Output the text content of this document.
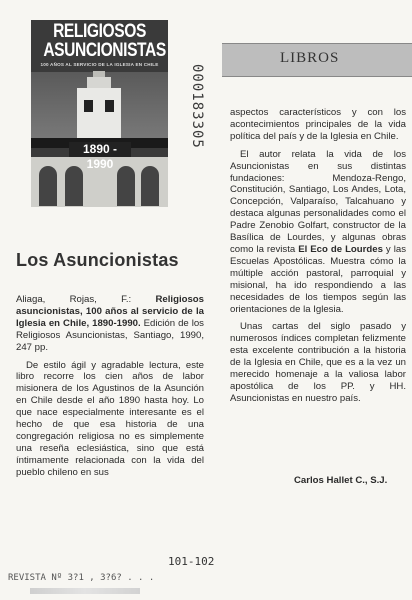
RELIGIOSOS
ASUNCIONISTAS
100 AÑOS AL SERVICIO DE LA IGLESIA EN CHILE
1890 - 1990
000183305
LIBROS
Los Asuncionistas

Aliaga, Rojas, F.: Religiosos asuncionistas, 100 años al servicio de la Iglesia en Chile, 1890-1990. Edición de los Religiosos Asuncionistas, Santiago, 1990, 247 pp.

De estilo ágil y agradable lectura, este libro recorre los cien años de labor misionera de los Agustinos de la Asunción en Chile desde el año 1890 hasta hoy. Lo que nace especialmente interesante es el hecho de que esa historia de una congregación religiosa no es simplemente una reseña eclesiástica, sino que está íntimamente relacionada con la vida del pueblo chileno en sus

aspectos característicos y con los acontecimientos principales de la vida política del país y de la Iglesia en Chile.

El autor relata la vida de los Asuncionistas en sus distintas fundaciones: Mendoza-Rengo, Constitución, Santiago, Los Andes, Lota, Concepción, Valparaíso, Talcahuano y destaca algunas personalidades como el Padre Zenobio Golfart, constructor de la Basílica de Lourdes, y algunas obras como la revista El Eco de Lourdes y las Escuelas Apostólicas. Muestra cómo la múltiple acción pastoral, parroquial y misional, ha ido respondiendo a las necesidades de los tiempos según las orientaciones de la Iglesia.

Unas cartas del siglo pasado y numerosos índices completan felizmente esta excelente contribución a la historia de la Iglesia en Chile, que es a la vez un merecido homenaje a la valiosa labor apostólica de los PP. y HH. Asuncionistas en nuestro país.

Carlos Hallet C., S.J.
101-102
REVISTA Nº 3?1 , 3?6? . . .
